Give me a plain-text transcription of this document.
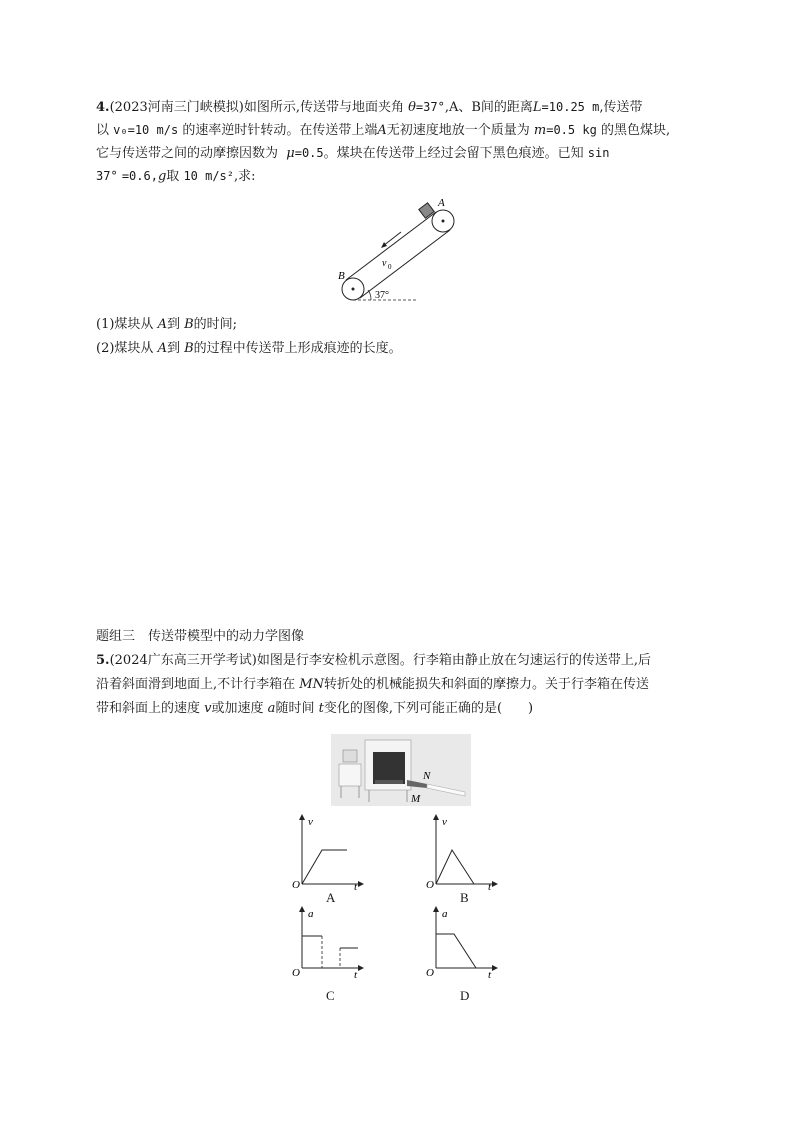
4.(2023河南三门峡模拟)如图所示,传送带与地面夹角 θ=37°,A、B间的距离L=10.25 m,传送带
以 v₀=10 m/s 的速率逆时针转动。在传送带上端A无初速度地放一个质量为 m=0.5 kg 的黑色煤块,
它与传送带之间的动摩擦因数为 μ=0.5。煤块在传送带上经过会留下黑色痕迹。已知 sin
37° =0.6,g取 10 m/s²,求:
A
B
v 0
37°
(1)煤块从 A到 B的时间;
(2)煤块从 A到 B的过程中传送带上形成痕迹的长度。
题组三　传送带模型中的动力学图像
5.(2024广东高三开学考试)如图是行李安检机示意图。行李箱由静止放在匀速运行的传送带上,后
沿着斜面滑到地面上,不计行李箱在 MN转折处的机械能损失和斜面的摩擦力。关于行李箱在传送
带和斜面上的速度 v或加速度 a随时间 t变化的图像,下列可能正确的是(　　)
N
M
v
t
O
A
v
t
O
B
a
t
O
C
a
t
O
D
